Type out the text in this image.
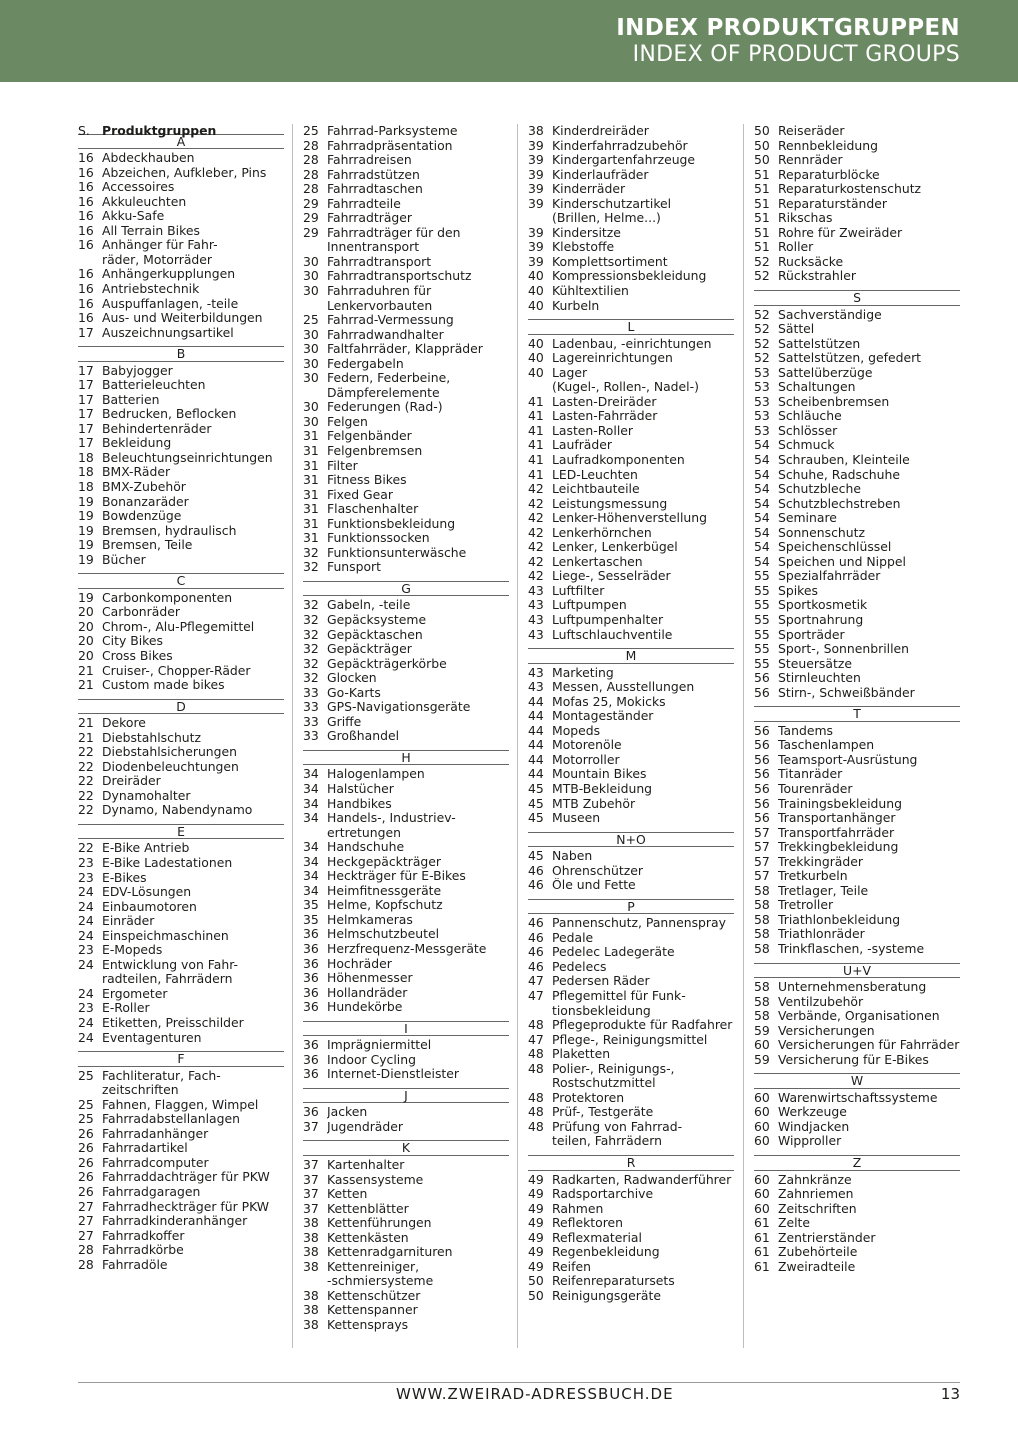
INDEX PRODUKTGRUPPEN
INDEX OF PRODUCT GROUPS
S. Produktgruppen
A
16 Abdeckhauben
16 Abzeichen, Aufkleber, Pins
16 Accessoires
16 Akkuleuchten
16 Akku-Safe
16 All Terrain Bikes
16 Anhänger für Fahr-
räder, Motorräder
16 Anhängerkupplungen
16 Antriebstechnik
16 Auspuffanlagen, -teile
16 Aus- und Weiterbildungen
17 Auszeichnungsartikel
B
17 Babyjogger
17 Batterieleuchten
17 Batterien
17 Bedrucken, Beflocken
17 Behindertenräder
17 Bekleidung
18 Beleuchtungseinrichtungen
18 BMX-Räder
18 BMX-Zubehör
19 Bonanzaräder
19 Bowdenzüge
19 Bremsen, hydraulisch
19 Bremsen, Teile
19 Bücher
C
19 Carbonkomponenten
20 Carbonräder
20 Chrom-, Alu-Pflegemittel
20 City Bikes
20 Cross Bikes
21 Cruiser-, Chopper-Räder
21 Custom made bikes
D
21 Dekore
21 Diebstahlschutz
22 Diebstahlsicherungen
22 Diodenbeleuchtungen
22 Dreiräder
22 Dynamohalter
22 Dynamo, Nabendynamo
E
22 E-Bike Antrieb
23 E-Bike Ladestationen
23 E-Bikes
24 EDV-Lösungen
24 Einbaumotoren
24 Einräder
24 Einspeichmaschinen
23 E-Mopeds
24 Entwicklung von Fahr-
radteilen, Fahrrädern
24 Ergometer
23 E-Roller
24 Etiketten, Preisschilder
24 Eventagenturen
F
25 Fachliteratur, Fach-
zeitschriften
25 Fahnen, Flaggen, Wimpel
25 Fahrradabstellanlagen
26 Fahrradanhänger
26 Fahrradartikel
26 Fahrradcomputer
26 Fahrraddachträger für PKW
26 Fahrradgaragen
27 Fahrradheckträger für PKW
27 Fahrradkinderanhänger
27 Fahrradkoffer
28 Fahrradkörbe
28 Fahrradöle
25 Fahrrad-Parksysteme
28 Fahrradpräsentation
28 Fahrradreisen
28 Fahrradstützen
28 Fahrradtaschen
29 Fahrradteile
29 Fahrradträger
29 Fahrradträger für den
Innentransport
30 Fahrradtransport
30 Fahrradtransportschutz
30 Fahrraduhren für
Lenkervorbauten
25 Fahrrad-Vermessung
30 Fahrradwandhalter
30 Faltfahrräder, Klappräder
30 Federgabeln
30 Federn, Federbeine,
Dämpferelemente
30 Federungen (Rad-)
30 Felgen
31 Felgenbänder
31 Felgenbremsen
31 Filter
31 Fitness Bikes
31 Fixed Gear
31 Flaschenhalter
31 Funktionsbekleidung
31 Funktionssocken
32 Funktionsunterwäsche
32 Funsport
G
32 Gabeln, -teile
32 Gepäcksysteme
32 Gepäcktaschen
32 Gepäckträger
32 Gepäckträgerkörbe
32 Glocken
33 Go-Karts
33 GPS-Navigationsgeräte
33 Griffe
33 Großhandel
H
34 Halogenlampen
34 Halstücher
34 Handbikes
34 Handels-, Industriev-
ertretungen
34 Handschuhe
34 Heckgepäckträger
34 Heckträger für E-Bikes
34 Heimfitnessgeräte
35 Helme, Kopfschutz
35 Helmkameras
36 Helmschutzbeutel
36 Herzfrequenz-Messgeräte
36 Hochräder
36 Höhenmesser
36 Hollandräder
36 Hundekörbe
I
36 Imprägniermittel
36 Indoor Cycling
36 Internet-Dienstleister
J
36 Jacken
37 Jugendräder
K
37 Kartenhalter
37 Kassensysteme
37 Ketten
37 Kettenblätter
38 Kettenführungen
38 Kettenkästen
38 Kettenradgarnituren
38 Kettenreiniger,
-schmiersysteme
38 Kettenschützer
38 Kettenspanner
38 Kettensprays
38 Kinderdreiräder
39 Kinderfahrradzubehör
39 Kindergartenfahrzeuge
39 Kinderlaufräder
39 Kinderräder
39 Kinderschutzartikel
(Brillen, Helme...)
39 Kindersitze
39 Klebstoffe
39 Komplettsortiment
40 Kompressionsbekleidung
40 Kühltextilien
40 Kurbeln
L
40 Ladenbau, -einrichtungen
40 Lagereinrichtungen
40 Lager
(Kugel-, Rollen-, Nadel-)
41 Lasten-Dreiräder
41 Lasten-Fahrräder
41 Lasten-Roller
41 Laufräder
41 Laufradkomponenten
41 LED-Leuchten
42 Leichtbauteile
42 Leistungsmessung
42 Lenker-Höhenverstellung
42 Lenkerhörnchen
42 Lenker, Lenkerbügel
42 Lenkertaschen
42 Liege-, Sesselräder
43 Luftfilter
43 Luftpumpen
43 Luftpumpenhalter
43 Luftschlauchventile
M
43 Marketing
43 Messen, Ausstellungen
44 Mofas 25, Mokicks
44 Montageständer
44 Mopeds
44 Motorenöle
44 Motorroller
44 Mountain Bikes
45 MTB-Bekleidung
45 MTB Zubehör
45 Museen
N+O
45 Naben
46 Ohrenschützer
46 Öle und Fette
P
46 Pannenschutz, Pannenspray
46 Pedale
46 Pedelec Ladegeräte
46 Pedelecs
47 Pedersen Räder
47 Pflegemittel für Funk-
tionsbekleidung
48 Pflegeprodukte für Radfahrer
47 Pflege-, Reinigungsmittel
48 Plaketten
48 Polier-, Reinigungs-,
Rostschutzmittel
48 Protektoren
48 Prüf-, Testgeräte
48 Prüfung von Fahrrad-
teilen, Fahrrädern
R
49 Radkarten, Radwanderführer
49 Radsportarchive
49 Rahmen
49 Reflektoren
49 Reflexmaterial
49 Regenbekleidung
49 Reifen
50 Reifenreparatursets
50 Reinigungsgeräte
50 Reiseräder
50 Rennbekleidung
50 Rennräder
51 Reparaturblöcke
51 Reparaturkostenschutz
51 Reparaturständer
51 Rikschas
51 Rohre für Zweiräder
51 Roller
52 Rucksäcke
52 Rückstrahler
S
52 Sachverständige
52 Sättel
52 Sattelstützen
52 Sattelstützen, gefedert
53 Sattelüberzüge
53 Schaltungen
53 Scheibenbremsen
53 Schläuche
53 Schlösser
54 Schmuck
54 Schrauben, Kleinteile
54 Schuhe, Radschuhe
54 Schutzbleche
54 Schutzblechstreben
54 Seminare
54 Sonnenschutz
54 Speichenschlüssel
54 Speichen und Nippel
55 Spezialfahrräder
55 Spikes
55 Sportkosmetik
55 Sportnahrung
55 Sporträder
55 Sport-, Sonnenbrillen
55 Steuersätze
56 Stirnleuchten
56 Stirn-, Schweißbänder
T
56 Tandems
56 Taschenlampen
56 Teamsport-Ausrüstung
56 Titanräder
56 Tourenräder
56 Trainingsbekleidung
56 Transportanhänger
57 Transportfahrräder
57 Trekkingbekleidung
57 Trekkingräder
57 Tretkurbeln
58 Tretlager, Teile
58 Tretroller
58 Triathlonbekleidung
58 Triathlonräder
58 Trinkflaschen, -systeme
U+V
58 Unternehmensberatung
58 Ventilzubehör
58 Verbände, Organisationen
59 Versicherungen
60 Versicherungen für Fahrräder
59 Versicherung für E-Bikes
W
60 Warenwirtschaftssysteme
60 Werkzeuge
60 Windjacken
60 Wipproller
Z
60 Zahnkränze
60 Zahnriemen
60 Zeitschriften
61 Zelte
61 Zentrierständer
61 Zubehörteile
61 Zweiradteile
WWW.ZWEIRAD-ADRESSBUCH.DE	13
